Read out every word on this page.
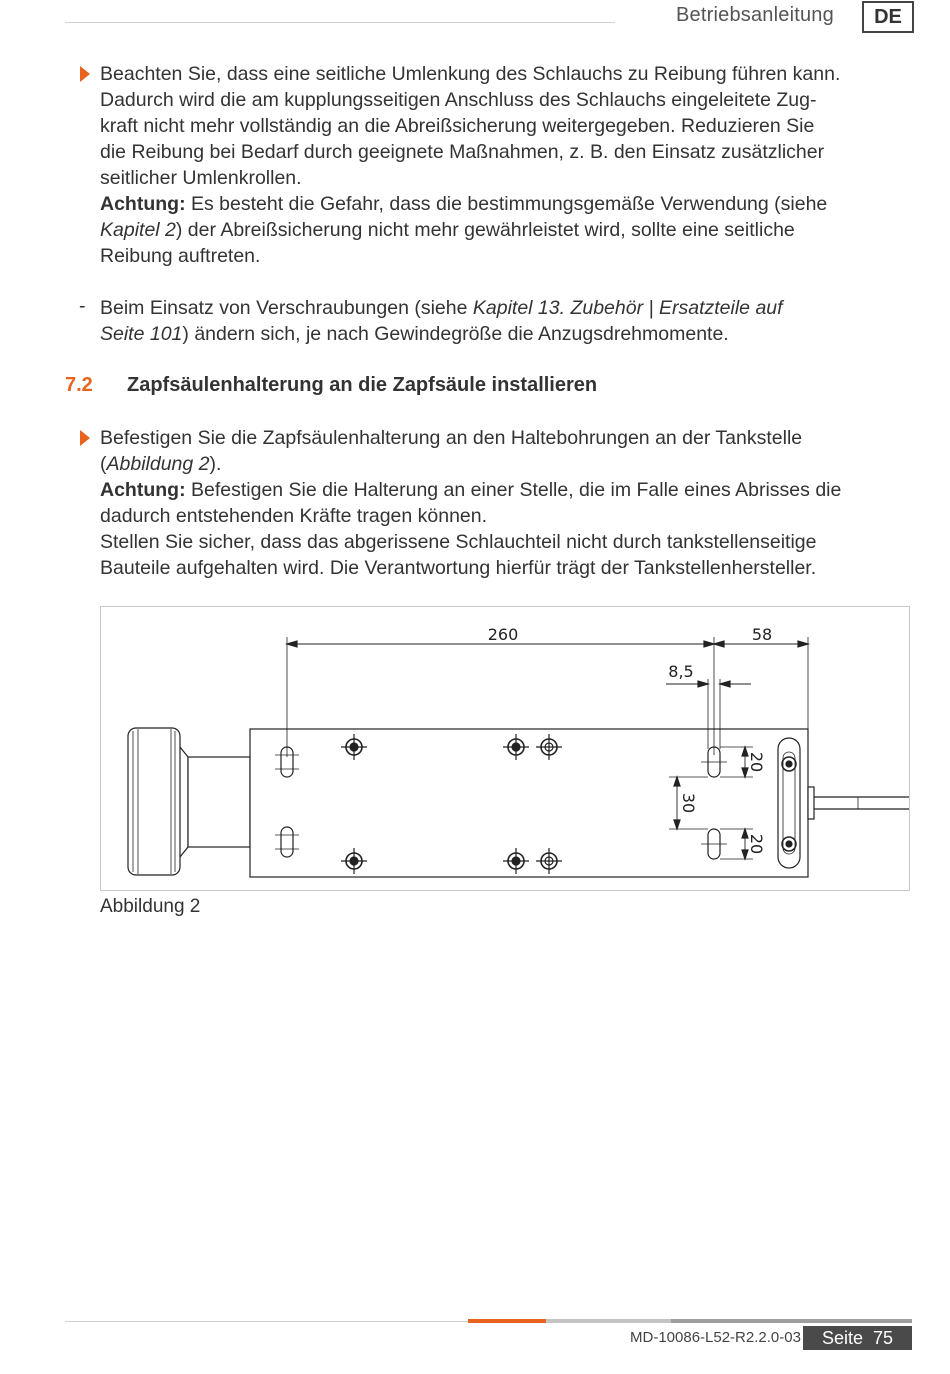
Betriebsanleitung	DE
Beachten Sie, dass eine seitliche Umlenkung des Schlauchs zu Reibung führen kann.
Dadurch wird die am kupplungsseitigen Anschluss des Schlauchs eingeleitete Zug-
kraft nicht mehr vollständig an die Abreißsicherung weitergegeben. Reduzieren Sie
die Reibung bei Bedarf durch geeignete Maßnahmen, z. B. den Einsatz zusätzlicher
seitlicher Umlenkrollen.
Achtung: Es besteht die Gefahr, dass die bestimmungsgemäße Verwendung (siehe
Kapitel 2) der Abreißsicherung nicht mehr gewährleistet wird, sollte eine seitliche
Reibung auftreten.
- Beim Einsatz von Verschraubungen (siehe Kapitel 13. Zubehör | Ersatzteile auf
Seite 101) ändern sich, je nach Gewindegröße die Anzugsdrehmomente.
7.2 Zapfsäulenhalterung an die Zapfsäule installieren
Befestigen Sie die Zapfsäulenhalterung an den Haltebohrungen an der Tankstelle
(Abbildung 2).
Achtung: Befestigen Sie die Halterung an einer Stelle, die im Falle eines Abrisses die
dadurch entstehenden Kräfte tragen können.
Stellen Sie sicher, dass das abgerissene Schlauchteil nicht durch tankstellenseitige
Bauteile aufgehalten wird. Die Verantwortung hierfür trägt der Tankstellenhersteller.
260	58
8,5
20
30
20
Abbildung 2
MD-10086-L52-R2.2.0-03	Seite  75
